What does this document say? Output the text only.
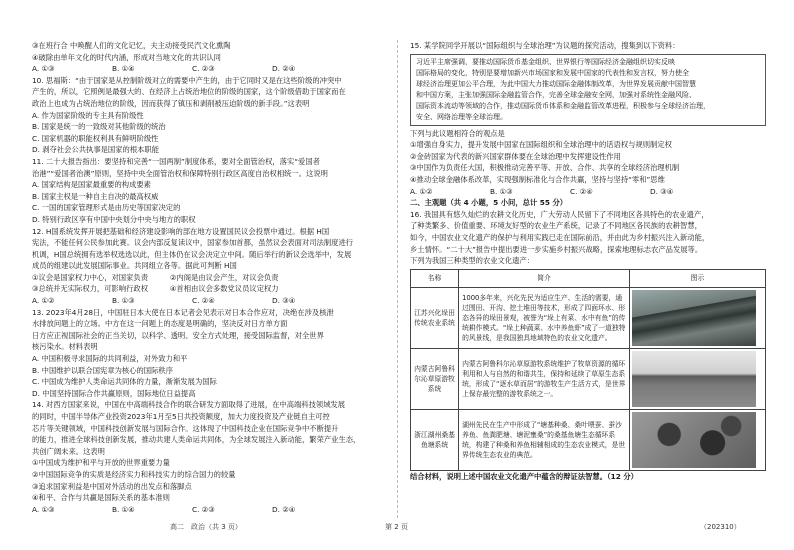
③在班行合 中唤醒人们的文化记忆，夫主动接受民汽文化熏陶
④破除由单年文化的时代内涵，形成对当地文化的共识认同
A. ①③	B. ①④	C. ②③	D. ②④
10. 思福斯：“由于国家是从控制阶级对立的需要中产生的，由于它同时又是在这些阶级的冲突中
产生的，所以，它照例是最强大的、在经济上占统治地位的阶级的国家，这个阶级借助于国家而在
政治上也成为占统治地位的阶级，因而获得了镇压和剥削被压迫阶级的新手段。”这表明
A. 作为国家阶级的专主具有阶级性
B. 国家是统一的一致级对其他阶级的统治
C. 国家机器的职能权利具有鲜明阶级性
D. 剥夺社会公共执事是国家的根本职能
11. 二十大报告指出：要坚持和完善“一国两制”制度体系，要对全面管治权，落实“爱国者
治港”“爱国者治澳”原则，坚持中央全面管治权和保障特别行政区高度自治权相统一。这说明
A. 国家结构是国家最重要的构成要素
B. 国家主权是一种自主自决的最高权威
C. 一国的国家管理形式是由历史等国家决定的
D. 特别行政区享有中国中央划分中央与地方的职权
12. H国系统发挥开展把基础和经济建设影响的部在地方设置国民议会投票中通过。根据 H国
宪法，不能任何公民参加此赛。议会内部反复读议中，国家参加首都，虽然议会表面对司法制度进行
机调，H国总统拥有选举权选选以此，但主体仍在议会决定立中间。随后举行的新议会选举中，发展
成员的组建以此发展国际事业。共同组立各等。据此可判断 H国
①议会是国家权力中心，对国家负责　　　②内阁是由议会产生，对议会负责
③总统并无实际权力，可影响行政权　　　④首相由议会多数党议员议定权力
A. ①②	B. ①③	C. ②④	D. ③④
13. 2023年4月28日，中国驻日本大使在日本记者会见表示对日本合作应对，决绝在涉及核泄
水排放问题上的立场。中方在这一问题上的态度是明确的，坚决反对日方单方面
日方应正视国际社会的正当关切，以科学、透明、安全方式处理，接受国际监督，对全世界
核污染水。材料表明
A. 中国积极寻求国际的共同利益，对外致力和平
B. 中国维护以联合国宪章为核心的国际秩序
C. 中国成为维护人类命运共同体的力量，渐渐发展为国际
D. 中国坚持国际合作共赢原则，国际地位日益提高
14. 对西方国家来说，中国在中高端科技合作的联合研发方面取得了进展，在中高端科技领域发展
的同时，中国半导体产业投资2023年1月至5日共投资额度，加大力度投资及产业链自主可控
芯片等关键领域，中国科技创新发展与国际合作。这体现了中国科技企业在国际竞争中不断提升
的能力，推进全球科技创新发展，推动共建人类命运共同体，为全球发展注入新动能，繁荣产业生态，
共创广阔未来。这表明
①中国成为维护和平与开放的世界重要力量
②中国国际竞争的实质是经济实力和科技实力的综合国力的较量
③追求国家利益是中国对外活动的出发点和落脚点
④和平、合作与共赢是国际关系的基本准则
A. ①③	B. ①④	C. ②③	D. ②④
15. 某学院同学开展以“国际组织与全球治理”为议题的探究活动，搜集到以下资料：
习近平主席强调，要推动国际货币基金组织、世界银行等国际经济金融组织切实反映
国际格局的变化，特别是要增加新兴市场国家和发展中国家的代表性和发言权，努力使全
球经济治理更加公平合理，为此中国大力推动国际金融体制改革，为世界发展贡献中国智慧
和中国方案，主张加强国际金融监管合作，完善全球金融安全网，加强对系统性金融风险、
国际资本流动等领域的合作，推动国际货币体系和金融监管改革进程，积极参与全球经济治理，
安全、网络治理等全球治理。
下列与此议题相符合的观点是
①增强自身实力，提升发展中国家在国际组织和全球治理中的话语权与规则制定权
②金砖国家为代表的新兴国家群体要在全球治理中发挥建设性作用
③中国作为负责任大国，积极推动完善平等、开放、合作、共享的全球经济治理机制
④推动全球金融体系改革，实现强制标准化与合作共赢，坚持与坚持“零和”思维
A. ①②	B. ①③	C. ②④	D. ③④
二、主观题（共 4 小题，5 小问，总计 55 分）
16. 我国具有悠久灿烂的农耕文化历史，广大劳动人民留下了不同地区各具特色的农业遗产，
了种类繁多、价值重要、环境友好型的农业生产系统，记录了不同地区各民族的农耕智慧，
如今，中国农业文化遗产的保护与利用实践已走在国际前沿，并由此为乡村振兴注入新动能，
乡土情怀。“二十大”报告中提出要进一步实施乡村振兴战略，探索地理标志农产品发展等。
下列为我国三种类型的农业文化遗产：
名称	简介	图示
江苏兴化垛田传统农业系统	1000多年来，兴化先民为适应生产、生活的需要，通过围田、开沟、挖土堆田等技术，形成了四面环水、形态各异的垛田景观，被誉为“垛上有菜、水中有鱼”的传统耕作模式。“垛上种蔬菜、水中养鱼虾”成了一道独特的风景线，是我国独具地域特色的农业文化遗产。	

内蒙古阿鲁科尔沁草原游牧系统	内蒙古阿鲁科尔沁草原游牧系统维护了牧草资源的循环利用和人与自然的和谐共生，保持和延续了草原生态系统，形成了“逐水草而居”的游牧生产生活方式，是世界上保存最完整的游牧系统之一。	

浙江湖州桑基鱼塘系统	湖州先民在生产中形成了“塘基种桑、桑叶喂蚕、蚕沙养鱼、鱼粪肥塘、塘泥壅桑”的桑基鱼塘生态循环系统，构建了种桑和养鱼相辅相成的生态农业模式，是世界传统生态农业的典范。	
结合材料，说明上述中国农业文化遗产中蕴含的辩证法智慧。（12 分）
高二　政治（共 3 页）	第 2 页	（202310）
